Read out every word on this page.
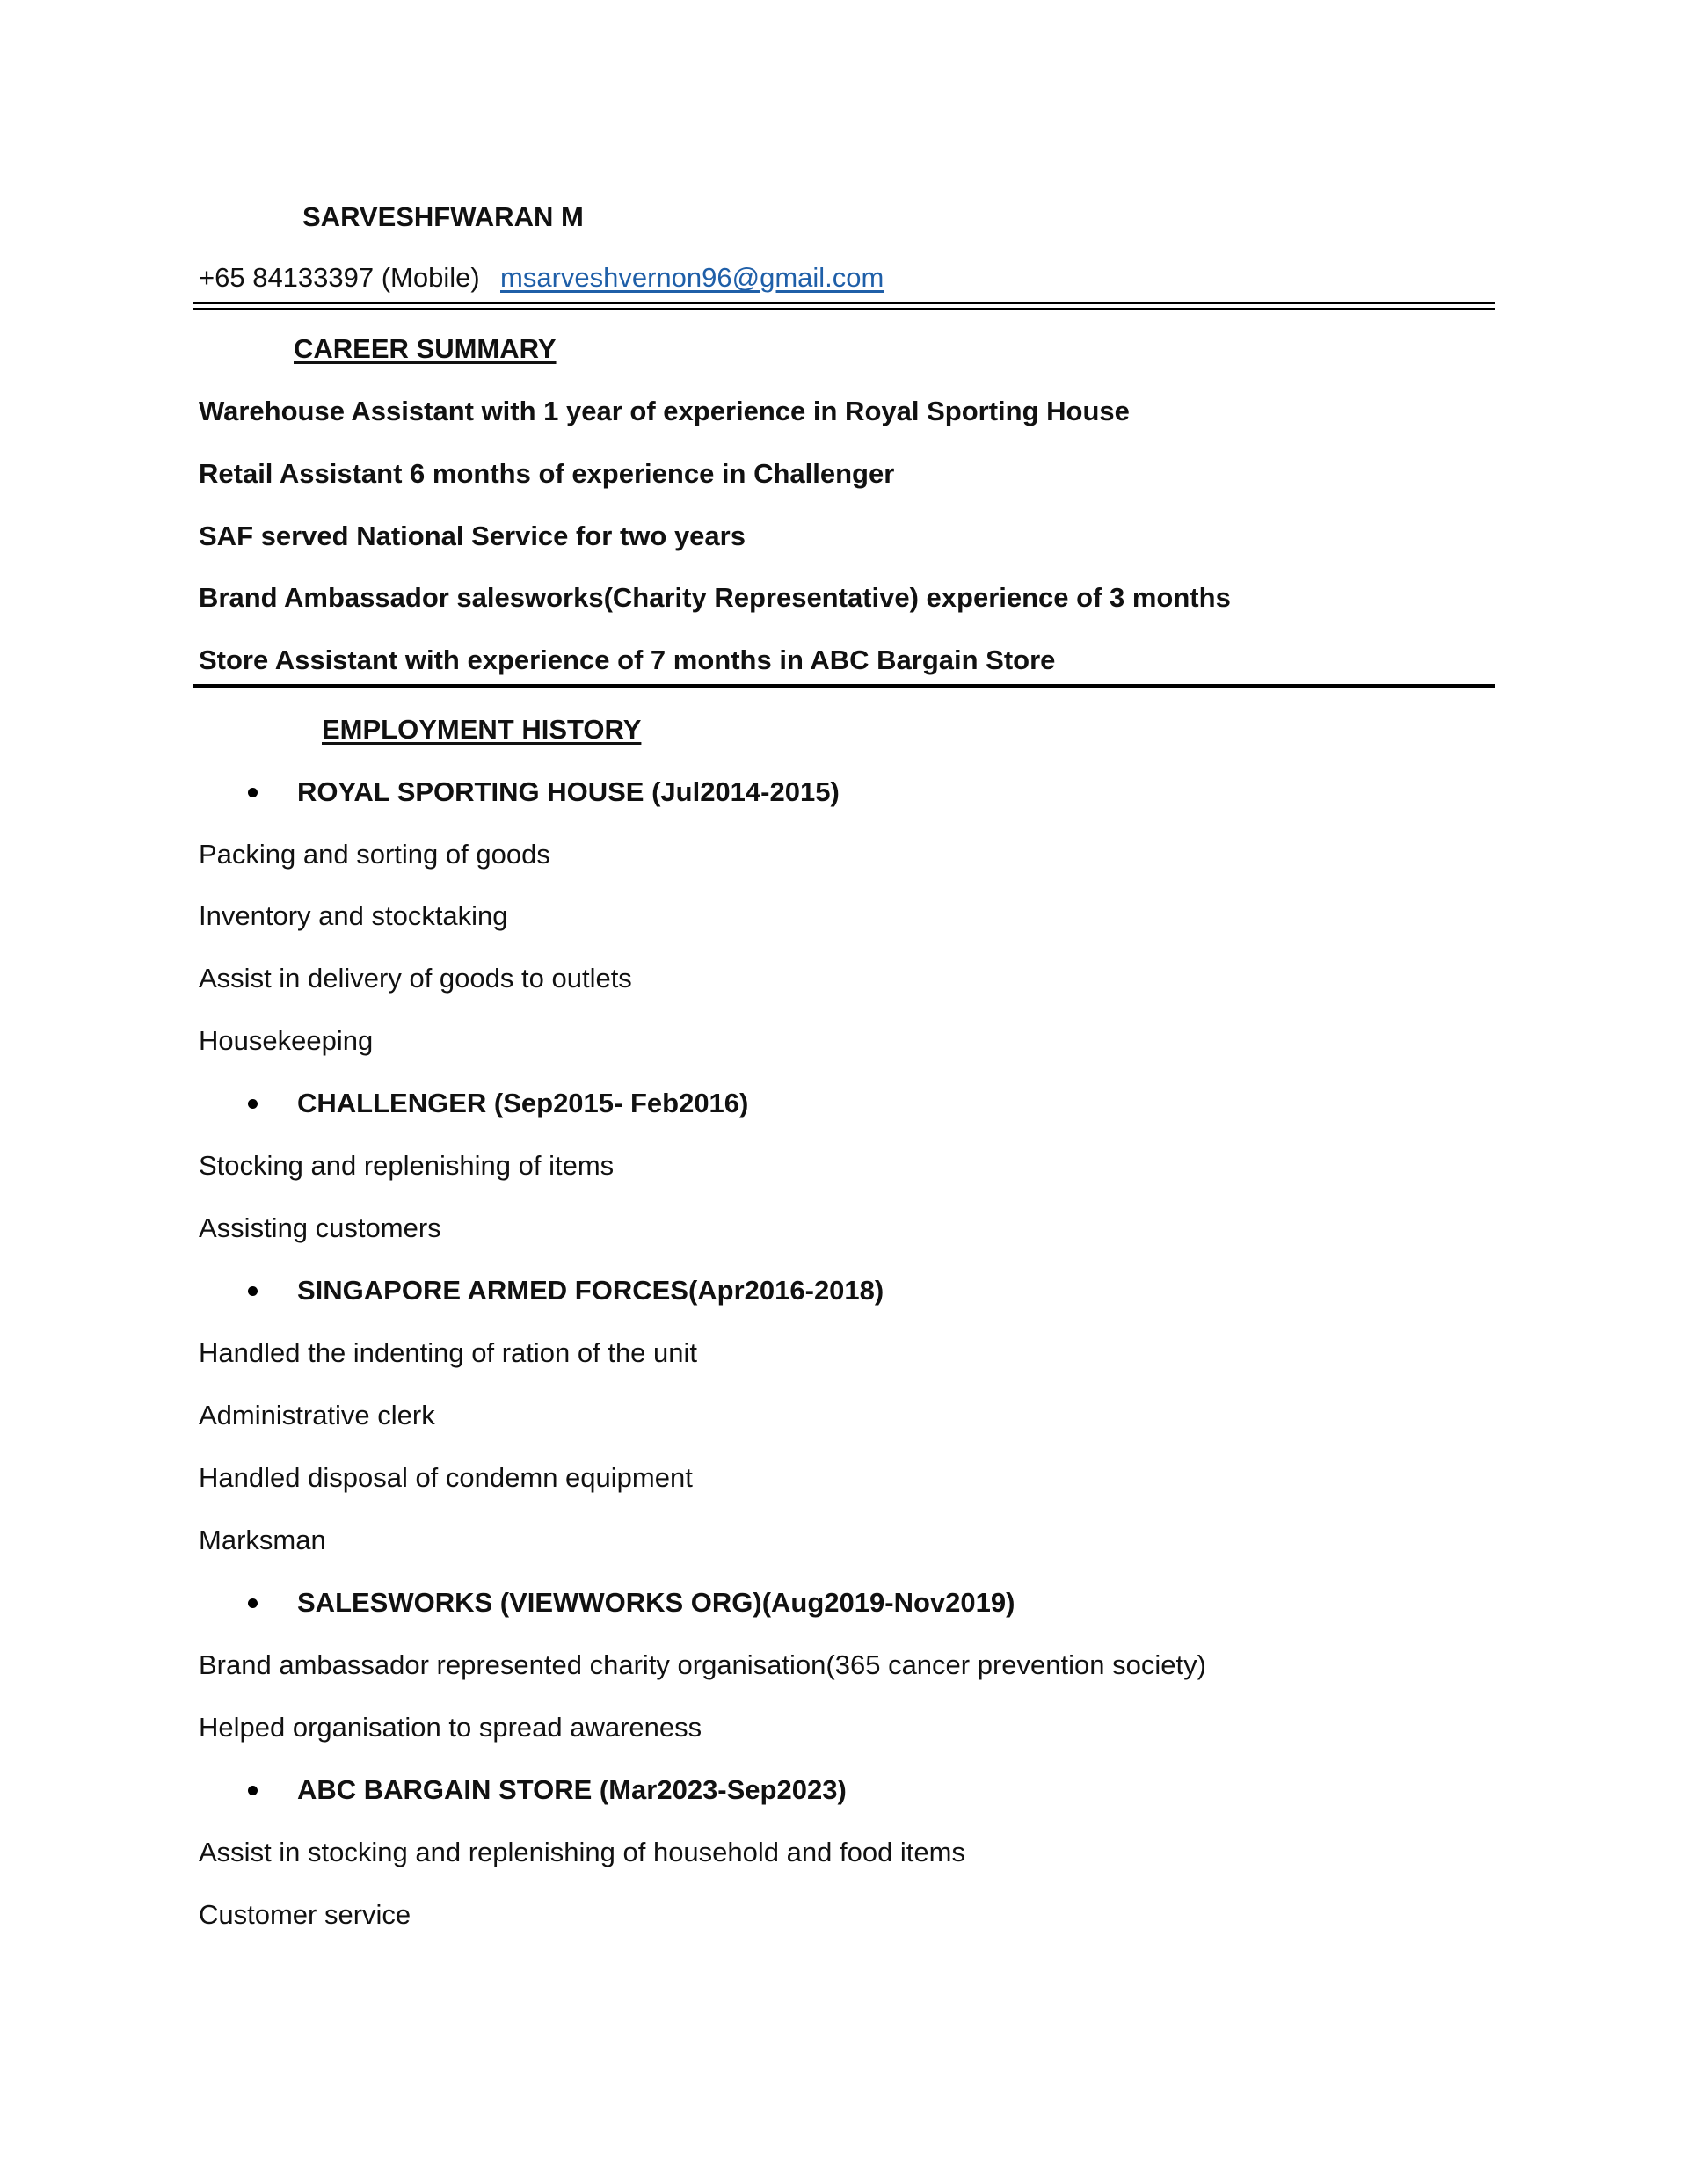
SARVESHFWARAN M
+65 84133397 (Mobile) msarveshvernon96@gmail.com
CAREER SUMMARY
Warehouse Assistant with 1 year of experience in Royal Sporting House
Retail Assistant 6 months of experience in Challenger
SAF served National Service for two years
Brand Ambassador salesworks(Charity Representative) experience of 3 months
Store Assistant with experience of 7 months in ABC Bargain Store
EMPLOYMENT HISTORY
ROYAL SPORTING HOUSE (Jul2014-2015)
Packing and sorting of goods
Inventory and stocktaking
Assist in delivery of goods to outlets
Housekeeping
CHALLENGER (Sep2015- Feb2016)
Stocking and replenishing of items
Assisting customers
SINGAPORE ARMED FORCES(Apr2016-2018)
Handled the indenting of ration of the unit
Administrative clerk
Handled disposal of condemn equipment
Marksman
SALESWORKS (VIEWWORKS ORG)(Aug2019-Nov2019)
Brand ambassador represented charity organisation(365 cancer prevention society)
Helped organisation to spread awareness
ABC BARGAIN STORE (Mar2023-Sep2023)
Assist in stocking and replenishing of household and food items
Customer service
